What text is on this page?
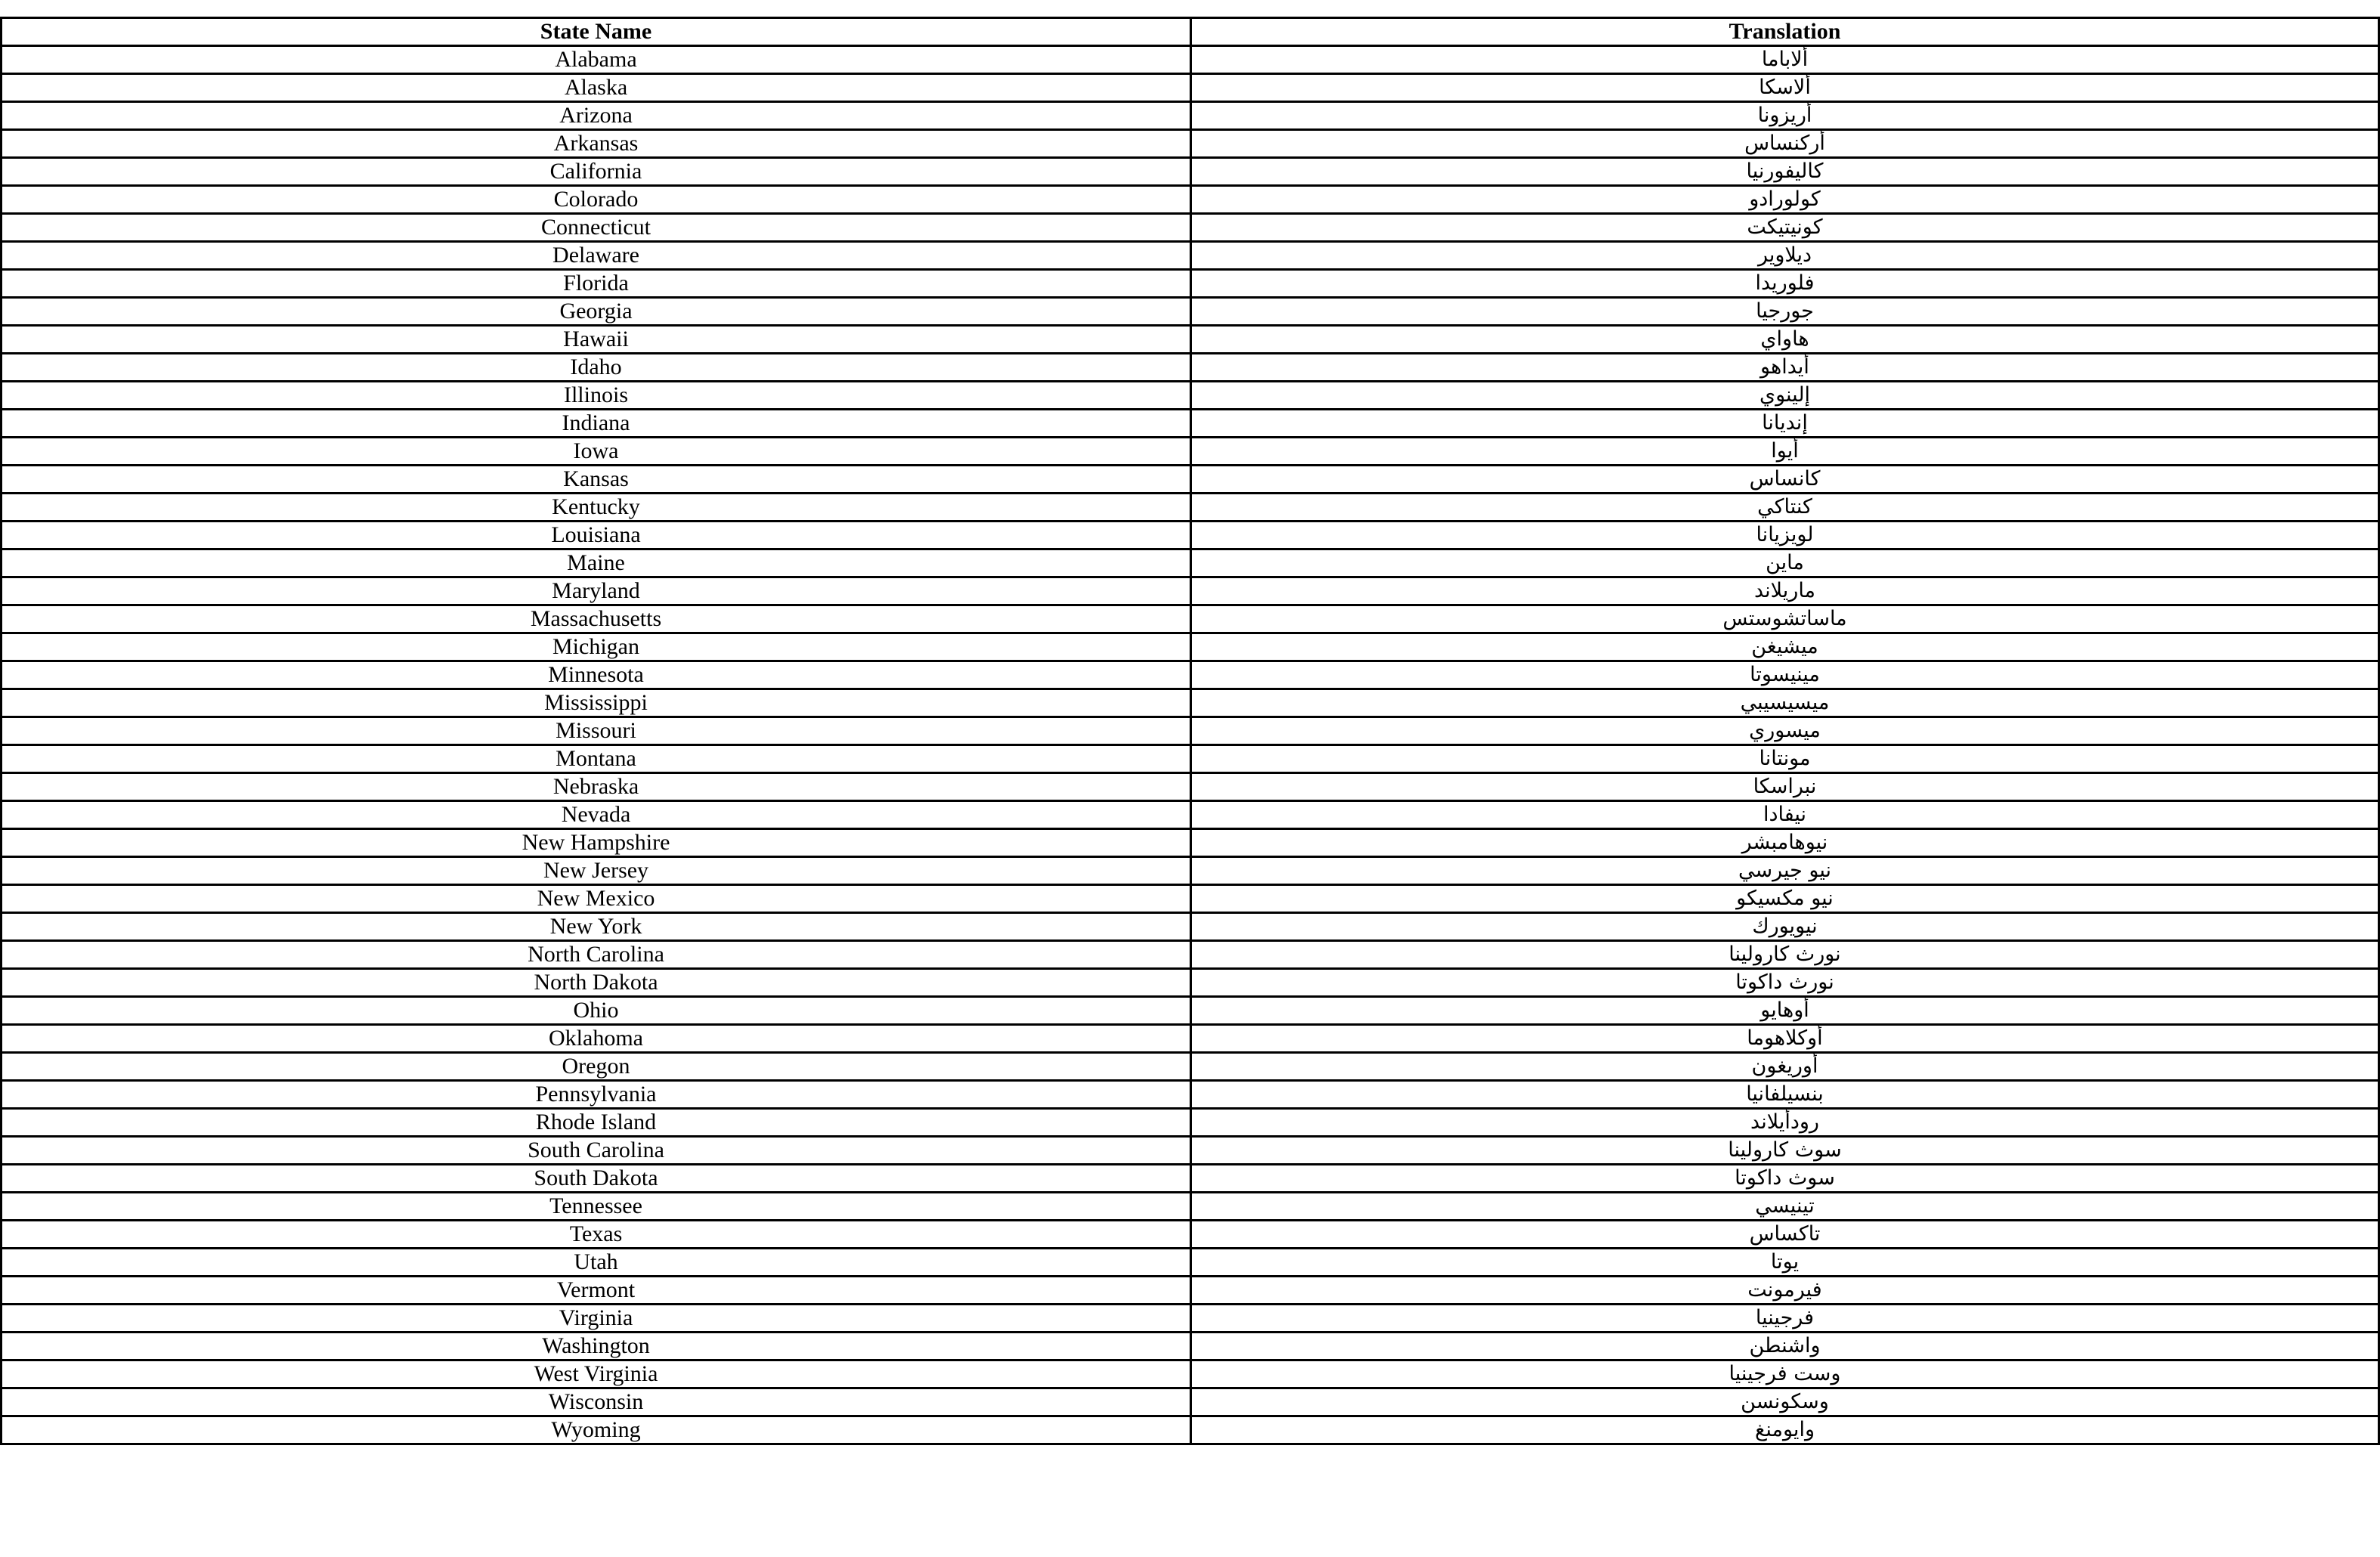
State Name	Translation
Alabama	ألاباما
Alaska	ألاسكا
Arizona	أريزونا
Arkansas	أركنساس
California	كاليفورنيا
Colorado	كولورادو
Connecticut	كونيتيكت
Delaware	ديلاوير
Florida	فلوريدا
Georgia	جورجيا
Hawaii	هاواي
Idaho	أيداهو
Illinois	إلينوي
Indiana	إنديانا
Iowa	أيوا
Kansas	كانساس
Kentucky	كنتاكي
Louisiana	لويزيانا
Maine	ماين
Maryland	ماريلاند
Massachusetts	ماساتشوستس
Michigan	ميشيغن
Minnesota	مينيسوتا
Mississippi	ميسيسيبي
Missouri	ميسوري
Montana	مونتانا
Nebraska	نبراسكا
Nevada	نيفادا
New Hampshire	نيوهامبشر
New Jersey	نيو جيرسي
New Mexico	نيو مكسيكو
New York	نيويورك
North Carolina	نورث كارولينا
North Dakota	نورث داكوتا
Ohio	أوهايو
Oklahoma	أوكلاهوما
Oregon	أوريغون
Pennsylvania	بنسيلفانيا
Rhode Island	رودأيلاند
South Carolina	سوث كارولينا
South Dakota	سوث داكوتا
Tennessee	تينيسي
Texas	تاكساس
Utah	يوتا
Vermont	فيرمونت
Virginia	فرجينيا
Washington	واشنطن
West Virginia	وست فرجينيا
Wisconsin	وسكونسن
Wyoming	وايومنغ
